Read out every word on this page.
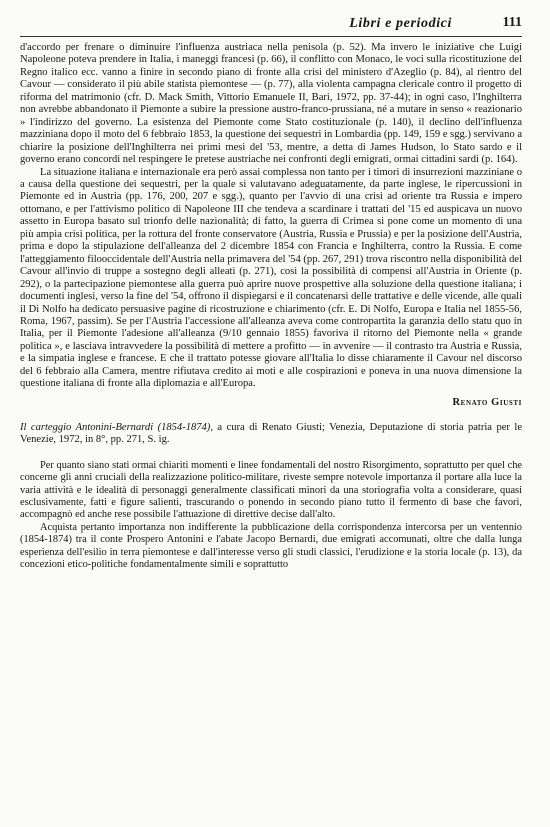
Libri e periodici	111

d'accordo per frenare o diminuire l'influenza austriaca nella penisola (p. 52). Ma invero le iniziative che Luigi Napoleone poteva prendere in Italia, i maneggi francesi (p. 66), il conflitto con Monaco, le voci sulla ricostituzione del Regno italico ecc. vanno a finire in secondo piano di fronte alla crisi del ministero d'Azeglio (p. 84), al rientro del Cavour — considerato il più abile statista piemontese — (p. 77), alla violenta campagna clericale contro il progetto di riforma del matrimonio (cfr. D. Mack Smith, Vittorio Emanuele II, Bari, 1972, pp. 37-44); in ogni caso, l'Inghilterra non avrebbe abbandonato il Piemonte a subire la pressione austro-franco-prussiana, né a mutare in senso « reazionario » l'indirizzo del governo. La esistenza del Piemonte come Stato costituzionale (p. 140), il declino dell'influenza mazziniana dopo il moto del 6 febbraio 1853, la questione dei sequestri in Lombardia (pp. 149, 159 e sgg.) servivano a chiarire la posizione dell'Inghilterra nei primi mesi del '53, mentre, a detta di James Hudson, lo Stato sardo e il governo erano concordi nel respingere le pretese austriache nei confronti degli emigrati, ormai cittadini sardi (p. 164).

La situazione italiana e internazionale era però assai complessa non tanto per i timori di insurrezioni mazziniane o a causa della questione dei sequestri, per la quale si valutavano adeguatamente, da parte inglese, le ripercussioni in Piemonte ed in Austria (pp. 176, 200, 207 e sgg.), quanto per l'avvio di una crisi ad oriente tra Russia e impero ottomano, e per l'attivismo politico di Napoleone III che tendeva a scardinare i trattati del '15 ed auspicava un nuovo assetto in Europa basato sul trionfo delle nazionalità; di fatto, la guerra di Crimea si pone come un momento di una più ampia crisi politica, per la rottura del fronte conservatore (Austria, Russia e Prussia) e per la posizione dell'Austria, prima e dopo la stipulazione dell'alleanza del 2 dicembre 1854 con Francia e Inghilterra, contro la Russia. E come l'atteggiamento filooccidentale dell'Austria nella primavera del '54 (pp. 267, 291) trova riscontro nella disponibilità del Cavour all'invio di truppe a sostegno degli alleati (p. 271), così la possibilità di compensi all'Austria in Oriente (p. 292), o la partecipazione piemontese alla guerra può aprire nuove prospettive alla soluzione della questione italiana; i documenti inglesi, verso la fine del '54, offrono il dispiegarsi e il concatenarsi delle trattative e delle vicende, alle quali il Di Nolfo ha dedicato persuasive pagine di ricostruzione e chiarimento (cfr. E. Di Nolfo, Europa e Italia nel 1855-56, Roma, 1967, passim). Se per l'Austria l'accessione all'alleanza aveva come contropartita la garanzia dello statu quo in Italia, per il Piemonte l'adesione all'alleanza (9/10 gennaio 1855) favoriva il ritorno del Piemonte nella « grande politica », e lasciava intravvedere la possibilità di mettere a profitto — in avvenire — il contrasto tra Austria e Russia, e la simpatia inglese e francese. E che il trattato potesse giovare all'Italia lo disse chiaramente il Cavour nel discorso del 6 febbraio alla Camera, mentre rifiutava credito ai moti e alle cospirazioni e poneva in una nuova dimensione la questione italiana di fronte alla diplomazia e all'Europa.

Renato Giusti

Il carteggio Antonini-Bernardi (1854-1874), a cura di Renato Giusti; Venezia, Deputazione di storia patria per le Venezie, 1972, in 8°, pp. 271, S. ig.

Per quanto siano stati ormai chiariti momenti e linee fondamentali del nostro Risorgimento, soprattutto per quel che concerne gli anni cruciali della realizzazione politico-militare, riveste sempre notevole importanza il portare alla luce la varia attività e le idealità di personaggi generalmente classificati minori da una storiografia volta a considerare, quasi esclusivamente, fatti e figure salienti, trascurando o ponendo in secondo piano tutto il fermento di base che favorì, accompagnò ed anche rese possibile l'attuazione di direttive decise dall'alto.

Acquista pertanto importanza non indifferente la pubblicazione della corrispondenza intercorsa per un ventennio (1854-1874) tra il conte Prospero Antonini e l'abate Jacopo Bernardi, due emigrati accomunati, oltre che dalla lunga esperienza dell'esilio in terra piemontese e dall'interesse verso gli studi classici, l'erudizione e la storia locale (p. 13), da concezioni etico-politiche fondamentalmente simili e soprattutto
